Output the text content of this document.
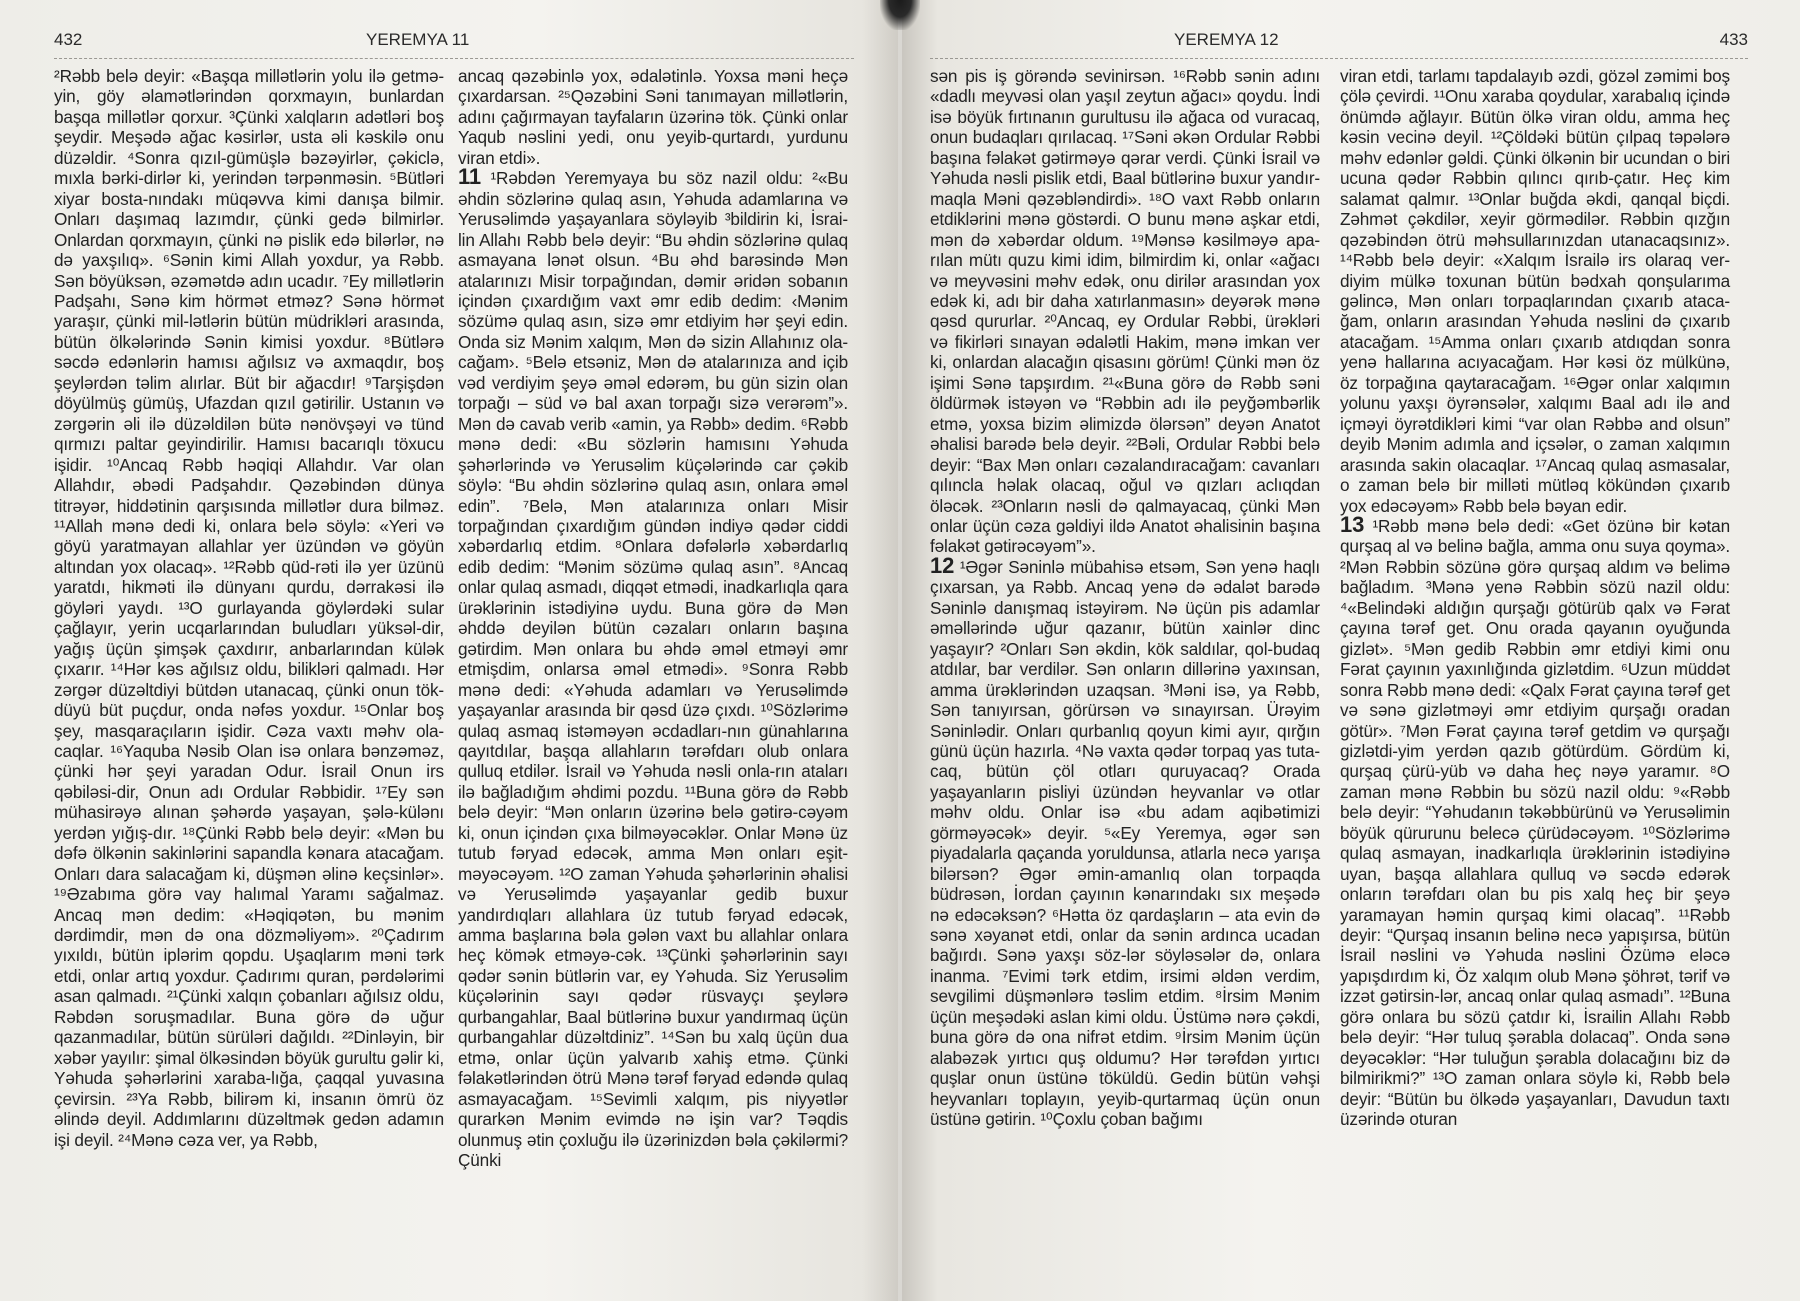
432	YEREMYA 11

²Rəbb belə deyir: «Başqa millətlərin yolu ilə getmə-yin, göy əlamətlərindən qorxmayın, bunlardan başqa millətlər qorxur. ³Çünki xalqların adətləri boş şeydir. Meşədə ağac kəsirlər, usta əli kəskilə onu düzəldir. ⁴Sonra qızıl-gümüşlə bəzəyirlər, çəkiclə, mıxla bərki-dirlər ki, yerindən tərpənməsin. ⁵Bütləri xiyar bosta-nındakı müqəvva kimi danışa bilmir. Onları daşımaq lazımdır, çünki gedə bilmirlər. Onlardan qorxmayın, çünki nə pislik edə bilərlər, nə də yaxşılıq». ⁶Sənin kimi Allah yoxdur, ya Rəbb. Sən böyüksən, əzəmətdə adın ucadır. ⁷Ey millətlərin Padşahı, Sənə kim hörmət etməz? Sənə hörmət yaraşır, çünki mil-lətlərin bütün müdrikləri arasında, bütün ölkələrində Sənin kimisi yoxdur. ⁸Bütlərə səcdə edənlərin hamısı ağılsız və axmaqdır, boş şeylərdən təlim alırlar. Büt bir ağacdır! ⁹Tarşişdən döyülmüş gümüş, Ufazdan qızıl gətirilir. Ustanın və zərgərin əli ilə düzəldilən bütə nənövşəyi və tünd qırmızı paltar geyindirilir. Hamısı bacarıqlı töxucu işidir. ¹⁰Ancaq Rəbb həqiqi Allahdır. Var olan Allahdır, əbədi Padşahdır. Qəzəbindən dünya titrəyər, hiddətinin qarşısında millətlər dura bilməz. ¹¹Allah mənə dedi ki, onlara belə söylə: «Yeri və göyü yaratmayan allahlar yer üzündən və göyün altından yox olacaq». ¹²Rəbb qüd-rəti ilə yer üzünü yaratdı, hikməti ilə dünyanı qurdu, dərrakəsi ilə göyləri yaydı. ¹³O gurlayanda göylərdəki sular çağlayır, yerin ucqarlarından buludları yüksəl-dir, yağış üçün şimşək çaxdırır, anbarlarından külək çıxarır. ¹⁴Hər kəs ağılsız oldu, bilikləri qalmadı. Hər zərgər düzəltdiyi bütdən utanacaq, çünki onun tök-düyü büt puçdur, onda nəfəs yoxdur. ¹⁵Onlar boş şey, masqaraçıların işidir. Cəza vaxtı məhv ola-caqlar. ¹⁶Yaquba Nəsib Olan isə onlara bənzəməz, çünki hər şeyi yaradan Odur. İsrail Onun irs qəbiləsi-dir, Onun adı Ordular Rəbbidir. ¹⁷Ey sən mühasirəyə alınan şəhərdə yaşayan, şələ-külənı yerdən yığış-dır. ¹⁸Çünki Rəbb belə deyir: «Mən bu dəfə ölkənin sakinlərini sapandla kənara atacağam. Onları dara salacağam ki, düşmən əlinə keçsinlər». ¹⁹Əzabıma görə vay halımal Yaramı sağalmaz. Ancaq mən dedim: «Həqiqətən, bu mənim dərdimdir, mən də ona dözməliyəm». ²⁰Çadırım yıxıldı, bütün iplərim qopdu. Uşaqlarım məni tərk etdi, onlar artıq yoxdur. Çadırımı quran, pərdələrimi asan qalmadı. ²¹Çünki xalqın çobanları ağılsız oldu, Rəbdən soruşmadılar. Buna görə də uğur qazanmadılar, bütün sürüləri dağıldı. ²²Dinləyin, bir xəbər yayılır: şimal ölkəsindən böyük gurultu gəlir ki, Yəhuda şəhərlərini xaraba-lığa, çaqqal yuvasına çevirsin. ²³Ya Rəbb, bilirəm ki, insanın ömrü öz əlində deyil. Addımlarını düzəltmək gedən adamın işi deyil. ²⁴Mənə cəza ver, ya Rəbb,

ancaq qəzəbinlə yox, ədalətinlə. Yoxsa məni heçə çıxardarsan. ²⁵Qəzəbini Səni tanımayan millətlərin, adını çağırmayan tayfaların üzərinə tök. Çünki onlar Yaqub nəslini yedi, onu yeyib-qurtardı, yurdunu viran etdi».

11 ¹Rəbdən Yeremyaya bu söz nazil oldu: ²«Bu əhdin sözlərinə qulaq asın, Yəhuda adamlarına və Yerusəlimdə yaşayanlara söyləyib ³bildirin ki, İsrai-lin Allahı Rəbb belə deyir: “Bu əhdin sözlərinə qulaq asmayana lənət olsun. ⁴Bu əhd barəsində Mən atalarınızı Misir torpağından, dəmir əridən sobanın içindən çıxardığım vaxt əmr edib dedim: ‹Mənim sözümə qulaq asın, sizə əmr etdiyim hər şeyi edin. Onda siz Mənim xalqım, Mən də sizin Allahınız ola-cağam›. ⁵Belə etsəniz, Mən də atalarınıza and içib vəd verdiyim şeyə əməl edərəm, bu gün sizin olan torpağı – süd və bal axan torpağı sizə verərəm”». Mən də cavab verib «amin, ya Rəbb» dedim. ⁶Rəbb mənə dedi: «Bu sözlərin hamısını Yəhuda şəhərlərində və Yerusəlim küçələrində car çəkib söylə: “Bu əhdin sözlərinə qulaq asın, onlara əməl edin”. ⁷Belə, Mən atalarınıza onları Misir torpağından çıxardığım gündən indiyə qədər ciddi xəbərdarlıq etdim. ⁸Onlara dəfələrlə xəbərdarlıq edib dedim: “Mənim sözümə qulaq asın”. ⁸Ancaq onlar qulaq asmadı, diqqət etmədi, inadkarlıqla qara ürəklərinin istədiyinə uydu. Buna görə də Mən əhddə deyilən bütün cəzaları onların başına gətirdim. Mən onlara bu əhdə əməl etməyi əmr etmişdim, onlarsa əməl etmədi». ⁹Sonra Rəbb mənə dedi: «Yəhuda adamları və Yerusəlimdə yaşayanlar arasında bir qəsd üzə çıxdı. ¹⁰Sözlərimə qulaq asmaq istəməyən əcdadları-nın günahlarına qayıtdılar, başqa allahların tərəfdarı olub onlara qulluq etdilər. İsrail və Yəhuda nəsli onla-rın ataları ilə bağladığım əhdimi pozdu. ¹¹Buna görə də Rəbb belə deyir: “Mən onların üzərinə belə gətirə-cəyəm ki, onun içindən çıxa bilməyəcəklər. Onlar Mənə üz tutub fəryad edəcək, amma Mən onları eşit-məyəcəyəm. ¹²O zaman Yəhuda şəhərlərinin əhalisi və Yerusəlimdə yaşayanlar gedib buxur yandırdıqları allahlara üz tutub fəryad edəcək, amma başlarına bəla gələn vaxt bu allahlar onlara heç kömək etməyə-cək. ¹³Çünki şəhərlərinin sayı qədər sənin bütlərin var, ey Yəhuda. Siz Yerusəlim küçələrinin sayı qədər rüsvayçı şeylərə qurbangahlar, Baal bütlərinə buxur yandırmaq üçün qurbangahlar düzəltdiniz”. ¹⁴Sən bu xalq üçün dua etmə, onlar üçün yalvarıb xahiş etmə. Çünki fəlakətlərindən ötrü Mənə tərəf fəryad edəndə qulaq asmayacağam. ¹⁵Sevimli xalqım, pis niyyətlər qurarkən Mənim evimdə nə işin var? Təqdis olunmuş ətin çoxluğu ilə üzərinizdən bəla çəkilərmi? Çünki

YEREMYA 12	433

sən pis iş görəndə sevinirsən. ¹⁶Rəbb sənin adını «dadlı meyvəsi olan yaşıl zeytun ağacı» qoydu. İndi isə böyük fırtınanın gurultusu ilə ağaca od vuracaq, onun budaqları qırılacaq. ¹⁷Səni əkən Ordular Rəbbi başına fəlakət gətirməyə qərar verdi. Çünki İsrail və Yəhuda nəsli pislik etdi, Baal bütlərinə buxur yandır-maqla Məni qəzəbləndirdi». ¹⁸O vaxt Rəbb onların etdiklərini mənə göstərdi. O bunu mənə aşkar etdi, mən də xəbərdar oldum. ¹⁹Mənsə kəsilməyə apa-rılan mütı quzu kimi idim, bilmirdim ki, onlar «ağacı və meyvəsini məhv edək, onu dirilər arasından yox edək ki, adı bir daha xatırlanmasın» deyərək mənə qəsd qururlar. ²⁰Ancaq, ey Ordular Rəbbi, ürəkləri və fikirləri sınayan ədalətli Hakim, mənə imkan ver ki, onlardan alacağın qisasını görüm! Çünki mən öz işimi Sənə tapşırdım. ²¹«Buna görə də Rəbb səni öldürmək istəyən və “Rəbbin adı ilə peyğəmbərlik etmə, yoxsa bizim əlimizdə ölərsən” deyən Anatot əhalisi barədə belə deyir. ²²Bəli, Ordular Rəbbi belə deyir: “Bax Mən onları cəzalandıracağam: cavanları qılıncla həlak olacaq, oğul və qızları aclıqdan öləcək. ²³Onların nəsli də qalmayacaq, çünki Mən onlar üçün cəza gəldiyi ildə Anatot əhalisinin başına fəlakət gətirəcəyəm”».

12 ¹Əgər Səninlə mübahisə etsəm, Sən yenə haqlı çıxarsan, ya Rəbb. Ancaq yenə də ədalət barədə Səninlə danışmaq istəyirəm. Nə üçün pis adamlar əməllərində uğur qazanır, bütün xainlər dinc yaşayır? ²Onları Sən əkdin, kök saldılar, qol-budaq atdılar, bar verdilər. Sən onların dillərinə yaxınsan, amma ürəklərindən uzaqsan. ³Məni isə, ya Rəbb, Sən tanıyırsan, görürsən və sınayırsan. Ürəyim Səninlədir. Onları qurbanlıq qoyun kimi ayır, qırğın günü üçün hazırla. ⁴Nə vaxta qədər torpaq yas tuta-caq, bütün çöl otları quruyacaq? Orada yaşayanların pisliyi üzündən heyvanlar və otlar məhv oldu. Onlar isə «bu adam aqibətimizi görməyəcək» deyir. ⁵«Ey Yeremya, əgər sən piyadalarla qaçanda yoruldunsa, atlarla necə yarışa bilərsən? Əgər əmin-amanlıq olan torpaqda büdrəsən, İordan çayının kənarındakı sıx meşədə nə edəcəksən? ⁶Hətta öz qardaşların – ata evin də sənə xəyanət etdi, onlar da sənin ardınca ucadan bağırdı. Sənə yaxşı söz-lər söyləsələr də, onlara inanma. ⁷Evimi tərk etdim, irsimi əldən verdim, sevgilimi düşmənlərə təslim etdim. ⁸İrsim Mənim üçün meşədəki aslan kimi oldu. Üstümə nərə çəkdi, buna görə də ona nifrət etdim. ⁹İrsim Mənim üçün alabəzək yırtıcı quş oldumu? Hər tərəfdən yırtıcı quşlar onun üstünə töküldü. Gedin bütün vəhşi heyvanları toplayın, yeyib-qurtarmaq üçün onun üstünə gətirin. ¹⁰Çoxlu çoban bağımı

viran etdi, tarlamı tapdalayıb əzdi, gözəl zəmimi boş çölə çevirdi. ¹¹Onu xaraba qoydular, xarabalıq içində önümdə ağlayır. Bütün ölkə viran oldu, amma heç kəsin vecinə deyil. ¹²Çöldəki bütün çılpaq təpələrə məhv edənlər gəldi. Çünki ölkənin bir ucundan o biri ucuna qədər Rəbbin qılıncı qırıb-çatır. Heç kim salamat qalmır. ¹³Onlar buğda əkdi, qanqal biçdi. Zəhmət çəkdilər, xeyir görmədilər. Rəbbin qızğın qəzəbindən ötrü məhsullarınızdan utanacaqsınız». ¹⁴Rəbb belə deyir: «Xalqım İsrailə irs olaraq ver-diyim mülkə toxunan bütün bədxah qonşularıma gəlincə, Mən onları torpaqlarından çıxarıb ataca-ğam, onların arasından Yəhuda nəslini də çıxarıb atacağam. ¹⁵Amma onları çıxarıb atdıqdan sonra yenə hallarına acıyacağam. Hər kəsi öz mülkünə, öz torpağına qaytaracağam. ¹⁶Əgər onlar xalqımın yolunu yaxşı öyrənsələr, xalqımı Baal adı ilə and içməyi öyrətdikləri kimi “var olan Rəbbə and olsun” deyib Mənim adımla and içsələr, o zaman xalqımın arasında sakin olacaqlar. ¹⁷Ancaq qulaq asmasalar, o zaman belə bir milləti mütləq kökündən çıxarıb yox edəcəyəm» Rəbb belə bəyan edir.

13 ¹Rəbb mənə belə dedi: «Get özünə bir kətan qurşaq al və belinə bağla, amma onu suya qoyma». ²Mən Rəbbin sözünə görə qurşaq aldım və belimə bağladım. ³Mənə yenə Rəbbin sözü nazil oldu: ⁴«Belindəki aldığın qurşağı götürüb qalx və Fərat çayına tərəf get. Onu orada qayanın oyuğunda gizlət». ⁵Mən gedib Rəbbin əmr etdiyi kimi onu Fərat çayının yaxınlığında gizlətdim. ⁶Uzun müddət sonra Rəbb mənə dedi: «Qalx Fərat çayına tərəf get və sənə gizlətməyi əmr etdiyim qurşağı oradan götür». ⁷Mən Fərat çayına tərəf getdim və qurşağı gizlətdi-yim yerdən qazıb götürdüm. Gördüm ki, qurşaq çürü-yüb və daha heç nəyə yaramır. ⁸O zaman mənə Rəbbin bu sözü nazil oldu: ⁹«Rəbb belə deyir: “Yəhudanın təkəbbürünü və Yerusəlimin böyük qürurunu belecə çürüdəcəyəm. ¹⁰Sözlərimə qulaq asmayan, inadkarlıqla ürəklərinin istədiyinə uyan, başqa allahlara qulluq və səcdə edərək onların tərəfdarı olan bu pis xalq heç bir şeyə yaramayan həmin qurşaq kimi olacaq”. ¹¹Rəbb deyir: “Qurşaq insanın belinə necə yapışırsa, bütün İsrail nəslini və Yəhuda nəslini Özümə eləcə yapışdırdım ki, Öz xalqım olub Mənə şöhrət, tərif və izzət gətirsin-lər, ancaq onlar qulaq asmadı”. ¹²Buna görə onlara bu sözü çatdır ki, İsrailin Allahı Rəbb belə deyir: “Hər tuluq şərabla dolacaq”. Onda sənə deyəcəklər: “Hər tuluğun şərabla dolacağını biz də bilmirikmi?” ¹³O zaman onlara söylə ki, Rəbb belə deyir: “Bütün bu ölkədə yaşayanları, Davudun taxtı üzərində oturan
